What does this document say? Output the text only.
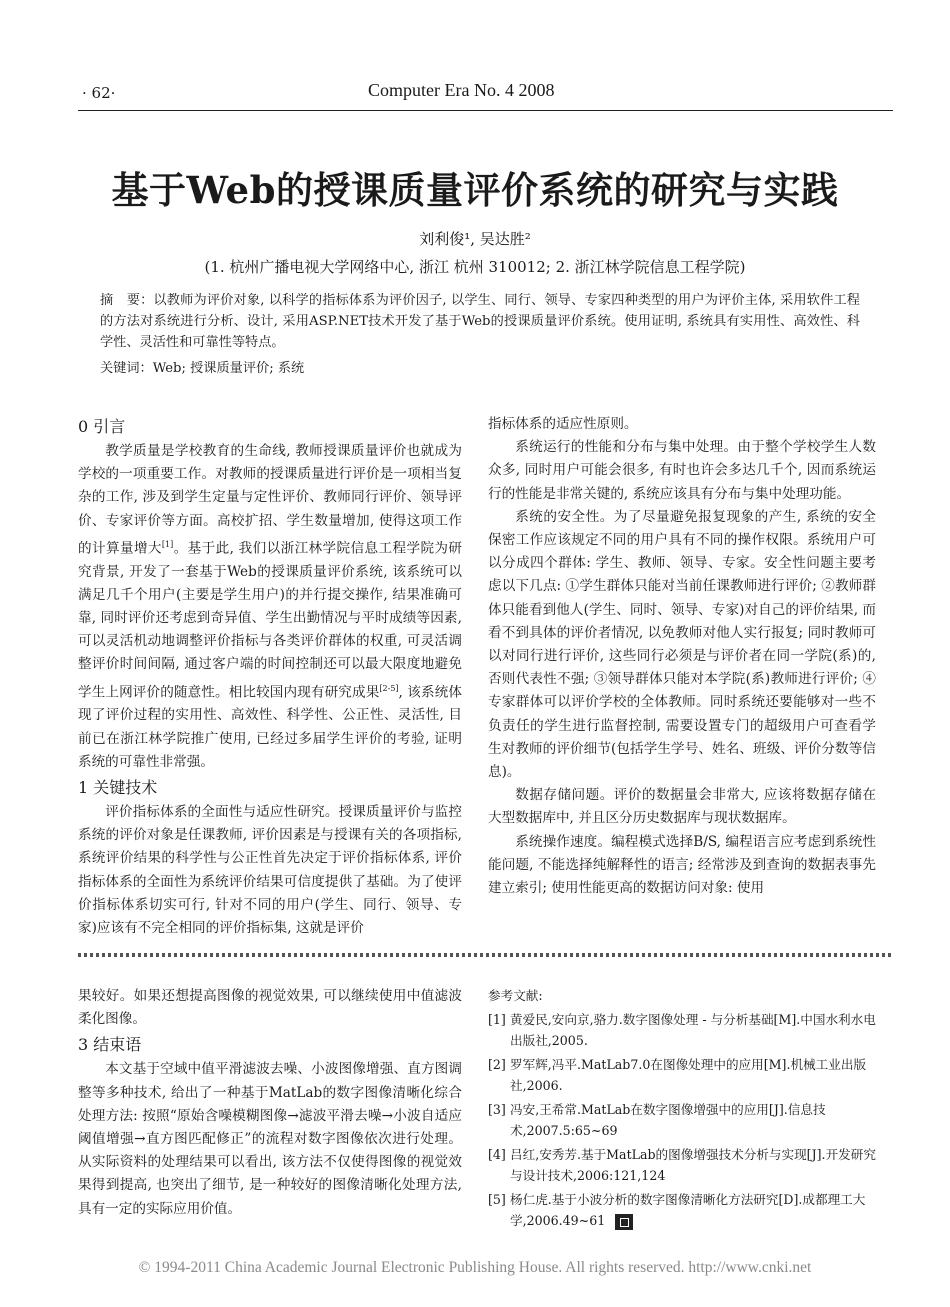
· 62·	Computer Era No. 4 2008
基于Web的授课质量评价系统的研究与实践
刘利俊¹, 吴达胜²
(1. 杭州广播电视大学网络中心, 浙江 杭州 310012; 2. 浙江林学院信息工程学院)
摘　要：以教师为评价对象, 以科学的指标体系为评价因子, 以学生、同行、领导、专家四种类型的用户为评价主体, 采用软件工程的方法对系统进行分析、设计, 采用ASP.NET技术开发了基于Web的授课质量评价系统。使用证明, 系统具有实用性、高效性、科学性、灵活性和可靠性等特点。
关键词：Web; 授课质量评价; 系统
0 引言

教学质量是学校教育的生命线, 教师授课质量评价也就成为学校的一项重要工作。对教师的授课质量进行评价是一项相当复杂的工作, 涉及到学生定量与定性评价、教师同行评价、领导评价、专家评价等方面。高校扩招、学生数量增加, 使得这项工作的计算量增大[1]。基于此, 我们以浙江林学院信息工程学院为研究背景, 开发了一套基于Web的授课质量评价系统, 该系统可以满足几千个用户(主要是学生用户)的并行提交操作, 结果准确可靠, 同时评价还考虑到奇异值、学生出勤情况与平时成绩等因素, 可以灵活机动地调整评价指标与各类评价群体的权重, 可灵活调整评价时间间隔, 通过客户端的时间控制还可以最大限度地避免学生上网评价的随意性。相比较国内现有研究成果[2-5], 该系统体现了评价过程的实用性、高效性、科学性、公正性、灵活性, 目前已在浙江林学院推广使用, 已经过多届学生评价的考验, 证明系统的可靠性非常强。

1 关键技术

评价指标体系的全面性与适应性研究。授课质量评价与监控系统的评价对象是任课教师, 评价因素是与授课有关的各项指标, 系统评价结果的科学性与公正性首先决定于评价指标体系, 评价指标体系的全面性为系统评价结果可信度提供了基础。为了使评价指标体系切实可行, 针对不同的用户(学生、同行、领导、专家)应该有不完全相同的评价指标集, 这就是评价

指标体系的适应性原则。

系统运行的性能和分布与集中处理。由于整个学校学生人数众多, 同时用户可能会很多, 有时也许会多达几千个, 因而系统运行的性能是非常关键的, 系统应该具有分布与集中处理功能。

系统的安全性。为了尽量避免报复现象的产生, 系统的安全保密工作应该规定不同的用户具有不同的操作权限。系统用户可以分成四个群体: 学生、教师、领导、专家。安全性问题主要考虑以下几点: ①学生群体只能对当前任课教师进行评价; ②教师群体只能看到他人(学生、同时、领导、专家)对自己的评价结果, 而看不到具体的评价者情况, 以免教师对他人实行报复; 同时教师可以对同行进行评价, 这些同行必须是与评价者在同一学院(系)的, 否则代表性不强; ③领导群体只能对本学院(系)教师进行评价; ④专家群体可以评价学校的全体教师。同时系统还要能够对一些不负责任的学生进行监督控制, 需要设置专门的超级用户可查看学生对教师的评价细节(包括学生学号、姓名、班级、评价分数等信息)。

数据存储问题。评价的数据量会非常大, 应该将数据存储在大型数据库中, 并且区分历史数据库与现状数据库。

系统操作速度。编程模式选择B/S, 编程语言应考虑到系统性能问题, 不能选择纯解释性的语言; 经常涉及到查询的数据表事先建立索引; 使用性能更高的数据访问对象: 使用

果较好。如果还想提高图像的视觉效果, 可以继续使用中值滤波柔化图像。

3 结束语

本文基于空域中值平滑滤波去噪、小波图像增强、直方图调整等多种技术, 给出了一种基于MatLab的数字图像清晰化综合处理方法: 按照“原始含噪模糊图像→滤波平滑去噪→小波自适应阈值增强→直方图匹配修正”的流程对数字图像依次进行处理。从实际资料的处理结果可以看出, 该方法不仅使得图像的视觉效果得到提高, 也突出了细节, 是一种较好的图像清晰化处理方法, 具有一定的实际应用价值。

参考文献:
[1] 黄爱民,安向京,骆力.数字图像处理 - 与分析基础[M].中国水利水电出版社,2005.
[2] 罗军辉,冯平.MatLab7.0在图像处理中的应用[M].机械工业出版社,2006.
[3] 冯安,王希常.MatLab在数字图像增强中的应用[J].信息技术,2007.5:65~69
[4] 吕红,安秀芳.基于MatLab的图像增强技术分析与实现[J].开发研究与设计技术,2006:121,124
[5] 杨仁虎.基于小波分析的数字图像清晰化方法研究[D].成都理工大学,2006.49~61
© 1994-2011 China Academic Journal Electronic Publishing House. All rights reserved. http://www.cnki.net
